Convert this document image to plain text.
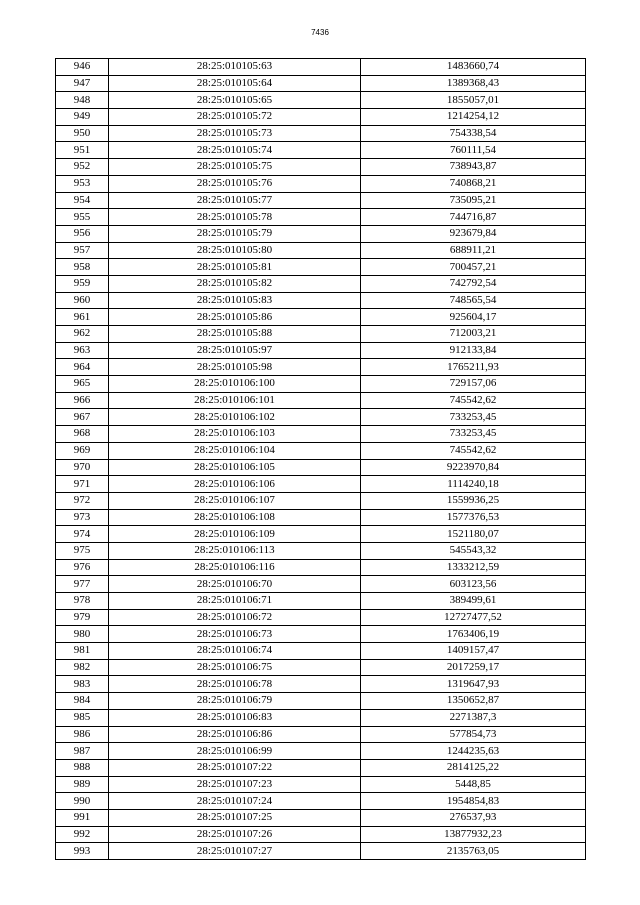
7436
946	28:25:010105:63	1483660,74
947	28:25:010105:64	1389368,43
948	28:25:010105:65	1855057,01
949	28:25:010105:72	1214254,12
950	28:25:010105:73	754338,54
951	28:25:010105:74	760111,54
952	28:25:010105:75	738943,87
953	28:25:010105:76	740868,21
954	28:25:010105:77	735095,21
955	28:25:010105:78	744716,87
956	28:25:010105:79	923679,84
957	28:25:010105:80	688911,21
958	28:25:010105:81	700457,21
959	28:25:010105:82	742792,54
960	28:25:010105:83	748565,54
961	28:25:010105:86	925604,17
962	28:25:010105:88	712003,21
963	28:25:010105:97	912133,84
964	28:25:010105:98	1765211,93
965	28:25:010106:100	729157,06
966	28:25:010106:101	745542,62
967	28:25:010106:102	733253,45
968	28:25:010106:103	733253,45
969	28:25:010106:104	745542,62
970	28:25:010106:105	9223970,84
971	28:25:010106:106	1114240,18
972	28:25:010106:107	1559936,25
973	28:25:010106:108	1577376,53
974	28:25:010106:109	1521180,07
975	28:25:010106:113	545543,32
976	28:25:010106:116	1333212,59
977	28:25:010106:70	603123,56
978	28:25:010106:71	389499,61
979	28:25:010106:72	12727477,52
980	28:25:010106:73	1763406,19
981	28:25:010106:74	1409157,47
982	28:25:010106:75	2017259,17
983	28:25:010106:78	1319647,93
984	28:25:010106:79	1350652,87
985	28:25:010106:83	2271387,3
986	28:25:010106:86	577854,73
987	28:25:010106:99	1244235,63
988	28:25:010107:22	2814125,22
989	28:25:010107:23	5448,85
990	28:25:010107:24	1954854,83
991	28:25:010107:25	276537,93
992	28:25:010107:26	13877932,23
993	28:25:010107:27	2135763,05
